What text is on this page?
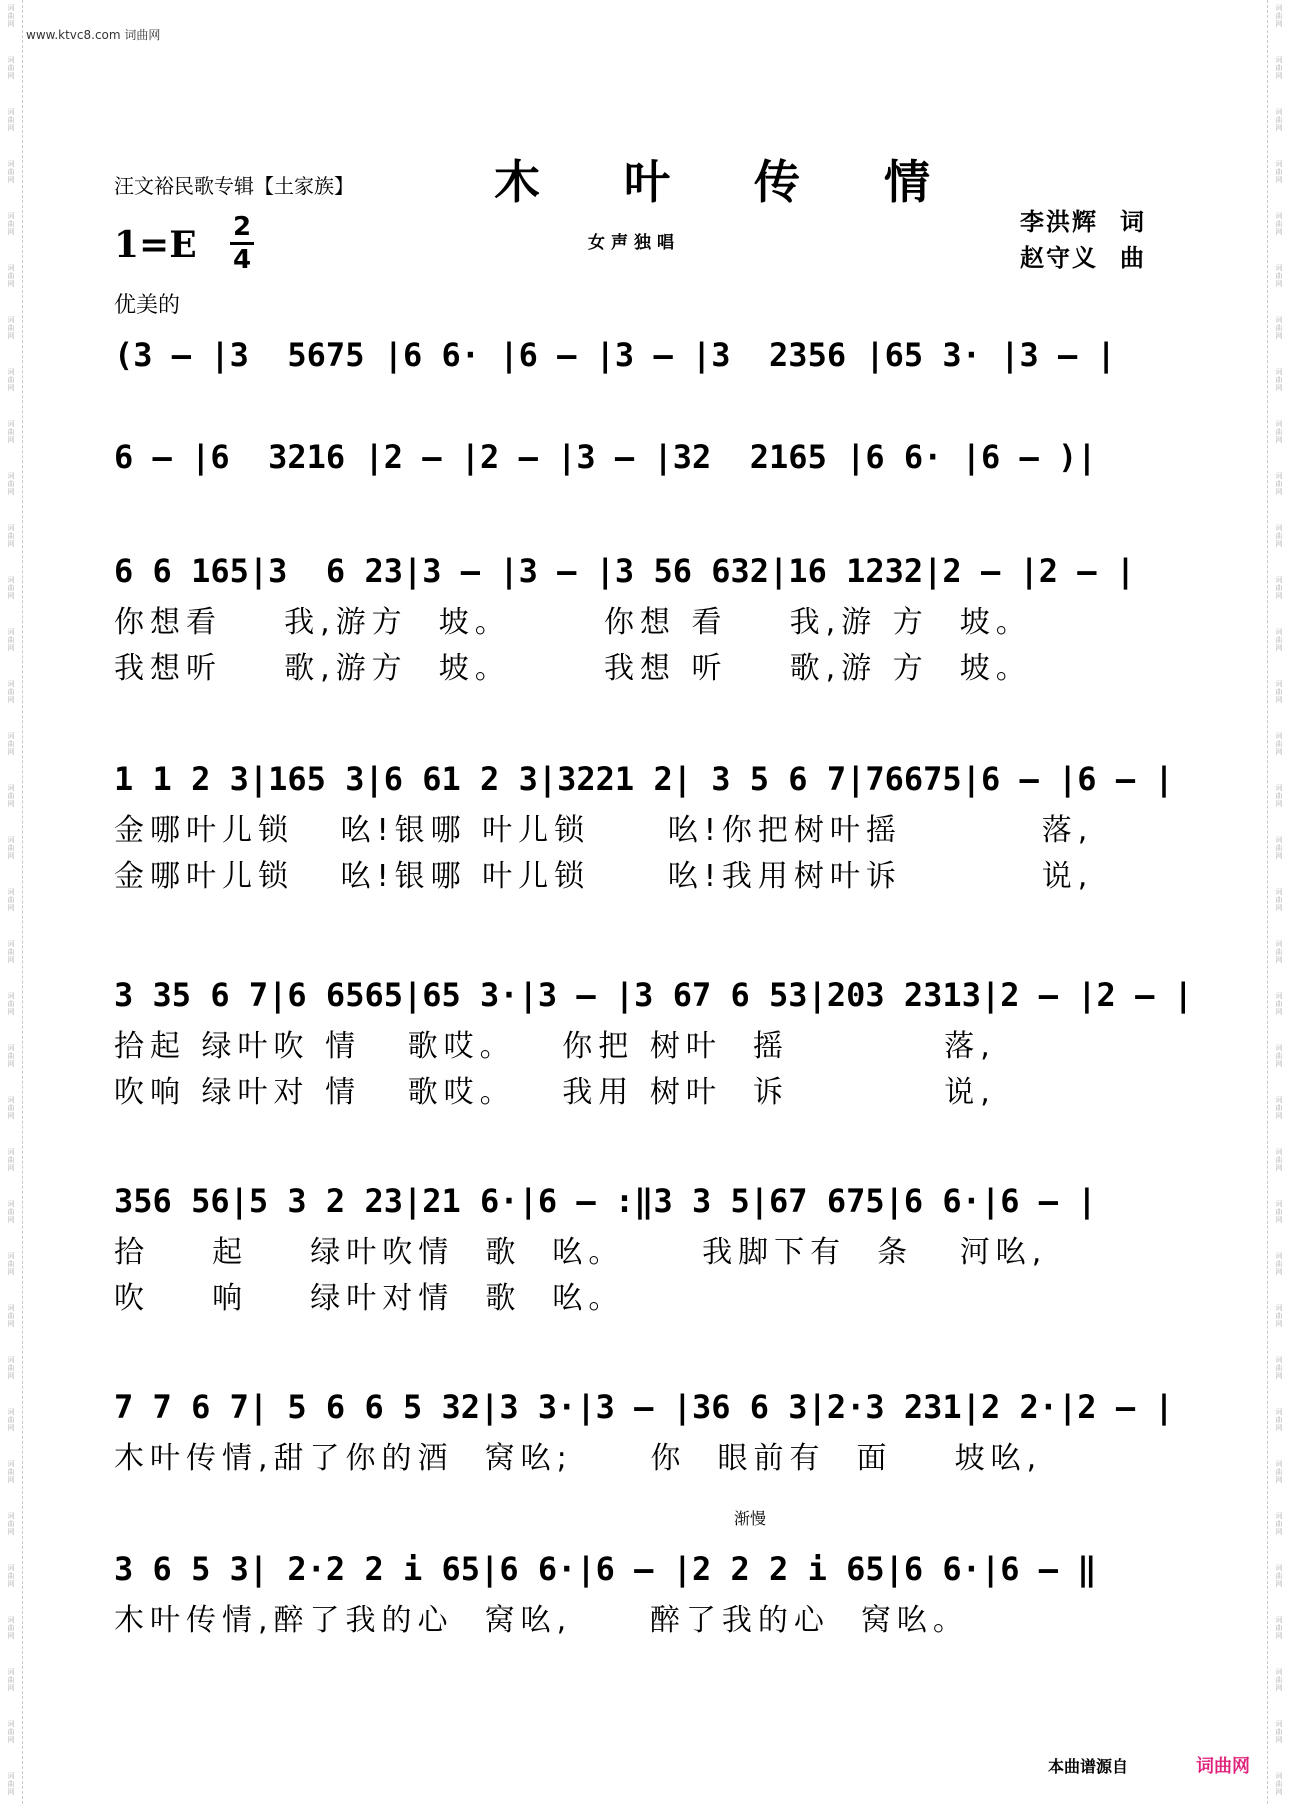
词
曲
网
词
曲
网
词
曲
网
词
曲
网
词
曲
网
词
曲
网
词
曲
网
词
曲
网
词
曲
网
词
曲
网
词
曲
网
词
曲
网
词
曲
网
词
曲
网
词
曲
网
词
曲
网
词
曲
网
词
曲
网
词
曲
网
词
曲
网
词
曲
网
词
曲
网
词
曲
网
词
曲
网
词
曲
网
词
曲
网
词
曲
网
词
曲
网
词
曲
网
词
曲
网
词
曲
网
词
曲
网
词
曲
网
词
曲
网
词
曲
网
词
曲
网
词
曲
网
词
曲
网
词
曲
网
词
曲
网
词
曲
网
词
曲
网
词
曲
网
词
曲
网
词
曲
网
词
曲
网
词
曲
网
词
曲
网
词
曲
网
词
曲
网
词
曲
网
词
曲
网
词
曲
网
词
曲
网
词
曲
网
词
曲
网
词
曲
网
词
曲
网
词
曲
网
词
曲
网
词
曲
网
词
曲
网
词
曲
网
词
曲
网
词
曲
网
词
曲
网
词
曲
网
词
曲
网
词
曲
网
词
曲
网
www.ktvc8.com 词曲网
汪文裕民歌专辑【土家族】	木 叶 传 情
女声独唱
李洪辉 词
赵守义 曲
1=E 2
4
优美的
渐慢
(3 – |3  5675 |6 6· |6 – |3 – |3  2356 |65 3· |3 – |
6 – |6  3216 |2 – |2 – |3 – |32  2165 |6 6· |6 – )|
6 6 165|3  6 23|3 – |3 – |3 56 632|16 1232|2 – |2 – |
你想看    我,游方  坡。      你想 看    我,游 方  坡。
我想听    歌,游方  坡。      我想 听    歌,游 方  坡。
1 1 2 3|165 3|6 61 2 3|3221 2| 3 5 6 7|76675|6 – |6 – |
金哪叶儿锁   吆!银哪 叶儿锁     吆!你把树叶摇         落,
金哪叶儿锁   吆!银哪 叶儿锁     吆!我用树叶诉         说,
3 35 6 7|6 6565|65 3·|3 – |3 67 6 53|203 2313|2 – |2 – |
拾起 绿叶吹 情   歌哎。   你把 树叶  摇          落,
吹响 绿叶对 情   歌哎。   我用 树叶  诉          说,
356 56|5 3 2 23|21 6·|6 – :‖3 3 5|67 675|6 6·|6 – |
拾    起    绿叶吹情  歌  吆。     我脚下有  条   河吆,
吹    响    绿叶对情  歌  吆。
7 7 6 7| 5 6 6 5 32|3 3·|3 – |36 6 3|2·3 231|2 2·|2 – |
木叶传情,甜了你的酒  窝吆;     你  眼前有  面    坡吆,
3 6 5 3| 2·2 2 i 65|6 6·|6 – |2 2 2 i 65|6 6·|6 – ‖
木叶传情,醉了我的心  窝吆,     醉了我的心  窝吆。
本曲谱源自	词曲网
